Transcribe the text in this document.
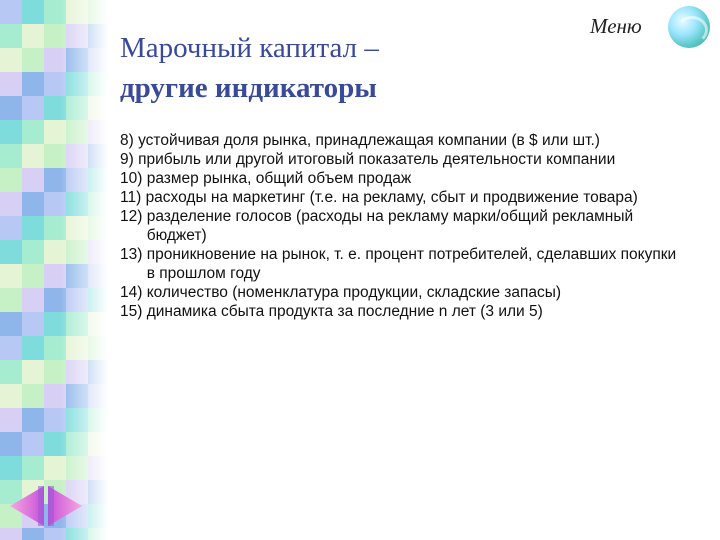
Марочный капитал –
другие индикаторы
Меню
8) устойчивая доля рынка, принадлежащая компании (в $ или шт.)
9) прибыль или другой итоговый показатель деятельности компании
10) размер рынка, общий объем продаж
11) расходы на маркетинг (т.е. на рекламу, сбыт и продвижение товара)
12) разделение голосов (расходы на рекламу марки/общий рекламный бюджет)
13) проникновение на рынок, т. е. процент потребителей, сделавших покупки в прошлом году
14) количество (номенклатура продукции, складские запасы)
15) динамика сбыта продукта за последние n лет (3 или 5)
